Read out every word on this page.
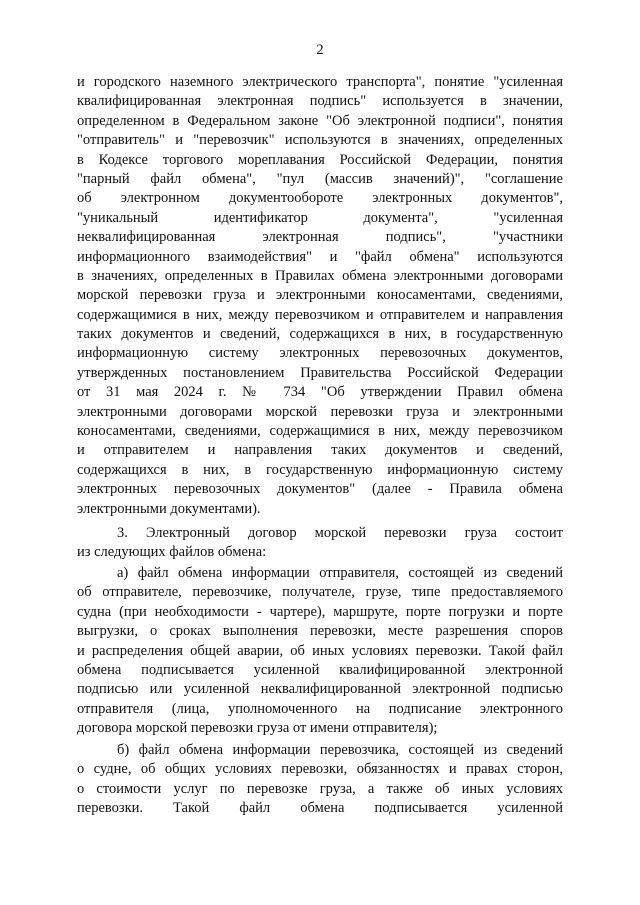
2
и городского наземного электрического транспорта", понятие "усиленная
квалифицированная электронная подпись" используется в значении,
определенном в Федеральном законе "Об электронной подписи", понятия
"отправитель" и "перевозчик" используются в значениях, определенных
в Кодексе торгового мореплавания Российской Федерации, понятия
"парный файл обмена", "пул (массив значений)", "соглашение
об электронном документообороте электронных документов",
"уникальный идентификатор документа", "усиленная
неквалифицированная электронная подпись", "участники
информационного взаимодействия" и "файл обмена" используются
в значениях, определенных в Правилах обмена электронными договорами
морской перевозки груза и электронными коносаментами, сведениями,
содержащимися в них, между перевозчиком и отправителем и направления
таких документов и сведений, содержащихся в них, в государственную
информационную систему электронных перевозочных документов,
утвержденных постановлением Правительства Российской Федерации
от 31 мая 2024 г. № 734 "Об утверждении Правил обмена
электронными договорами морской перевозки груза и электронными
коносаментами, сведениями, содержащимися в них, между перевозчиком
и отправителем и направления таких документов и сведений,
содержащихся в них, в государственную информационную систему
электронных перевозочных документов" (далее - Правила обмена
электронными документами).
3. Электронный договор морской перевозки груза состоит
из следующих файлов обмена:
а) файл обмена информации отправителя, состоящей из сведений
об отправителе, перевозчике, получателе, грузе, типе предоставляемого
судна (при необходимости - чартере), маршруте, порте погрузки и порте
выгрузки, о сроках выполнения перевозки, месте разрешения споров
и распределения общей аварии, об иных условиях перевозки. Такой файл
обмена подписывается усиленной квалифицированной электронной
подписью или усиленной неквалифицированной электронной подписью
отправителя (лица, уполномоченного на подписание электронного
договора морской перевозки груза от имени отправителя);
б) файл обмена информации перевозчика, состоящей из сведений
о судне, об общих условиях перевозки, обязанностях и правах сторон,
о стоимости услуг по перевозке груза, а также об иных условиях
перевозки. Такой файл обмена подписывается усиленной
